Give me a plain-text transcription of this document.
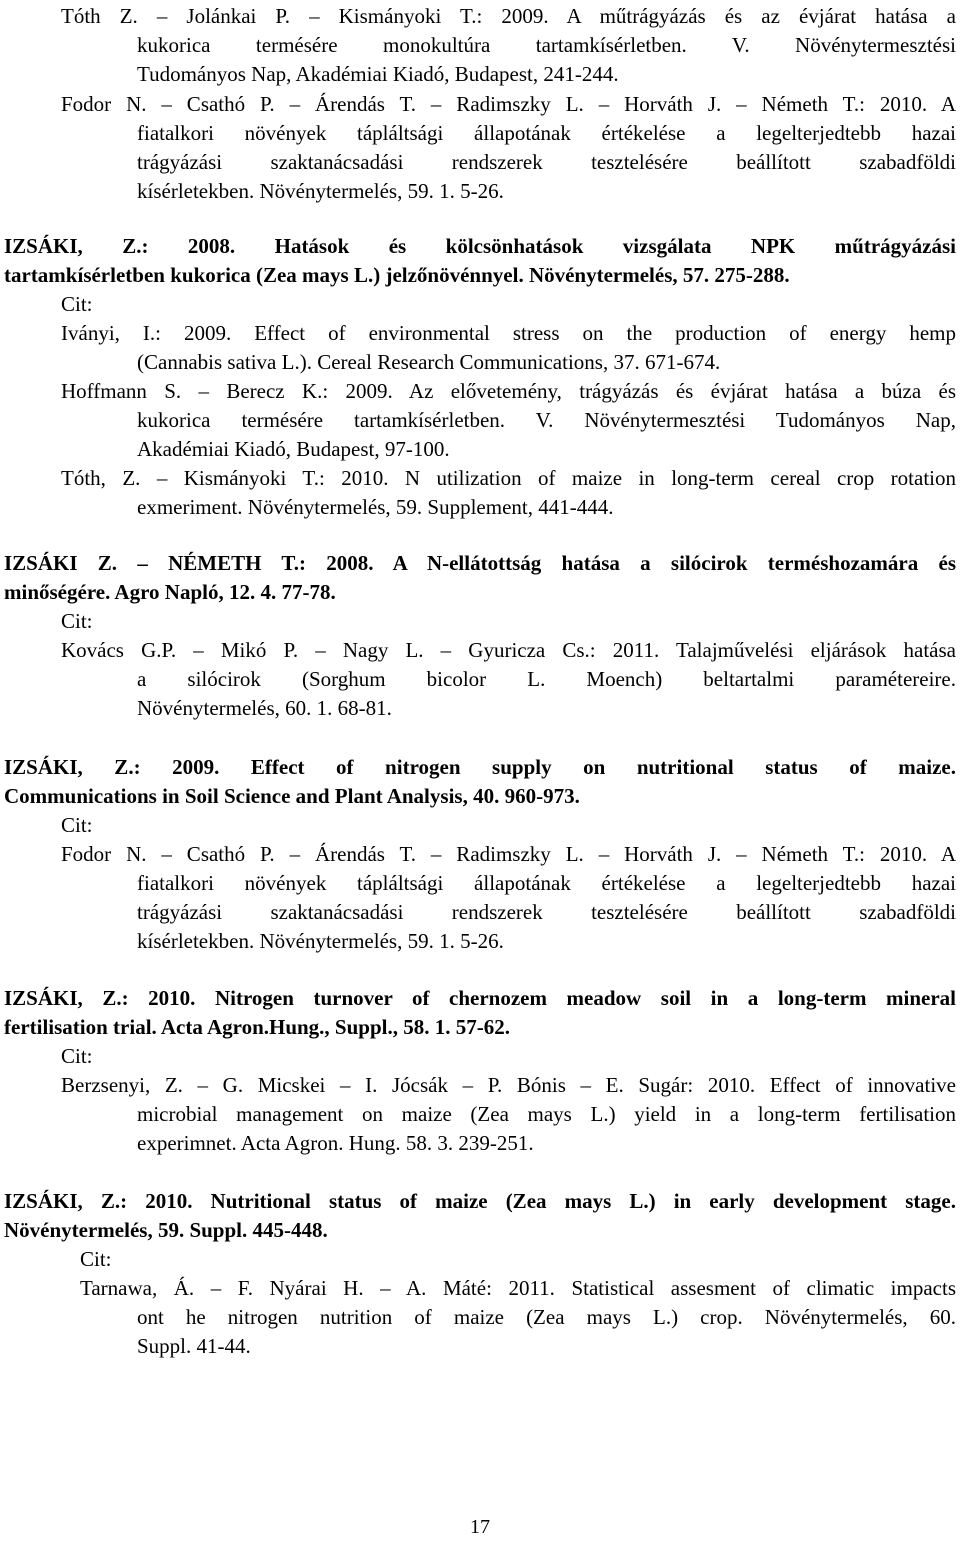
Tóth Z. – Jolánkai P. – Kismányoki T.: 2009. A műtrágyázás és az évjárat hatása a
kukorica termésére monokultúra tartamkísérletben. V. Növénytermesztési
Tudományos Nap, Akadémiai Kiadó, Budapest, 241-244.
Fodor N. – Csathó P. – Árendás T. – Radimszky L. – Horváth J. – Németh T.: 2010. A
fiatalkori növények tápláltsági állapotának értékelése a legelterjedtebb hazai
trágyázási szaktanácsadási rendszerek tesztelésére beállított szabadföldi
kísérletekben. Növénytermelés, 59. 1. 5-26.
IZSÁKI, Z.: 2008. Hatások és kölcsönhatások vizsgálata NPK műtrágyázási
tartamkísérletben kukorica (Zea mays L.) jelzőnövénnyel. Növénytermelés, 57. 275-288.
Cit:
Iványi, I.: 2009. Effect of environmental stress on the production of energy hemp
(Cannabis sativa L.). Cereal Research Communications, 37. 671-674.
Hoffmann S. – Berecz K.: 2009. Az elővetemény, trágyázás és évjárat hatása a búza és
kukorica termésére tartamkísérletben. V. Növénytermesztési Tudományos Nap,
Akadémiai Kiadó, Budapest, 97-100.
Tóth, Z. – Kismányoki T.: 2010. N utilization of maize in long-term cereal crop rotation
exmeriment. Növénytermelés, 59. Supplement, 441-444.
IZSÁKI Z. – NÉMETH T.: 2008. A N-ellátottság hatása a silócirok terméshozamára és
minőségére. Agro Napló, 12. 4. 77-78.
Cit:
Kovács G.P. – Mikó P. – Nagy L. – Gyuricza Cs.: 2011. Talajművelési eljárások hatása
a silócirok (Sorghum bicolor L. Moench) beltartalmi paramétereire.
Növénytermelés, 60. 1. 68-81.
IZSÁKI, Z.: 2009. Effect of nitrogen supply on nutritional status of maize.
Communications in Soil Science and Plant Analysis, 40. 960-973.
Cit:
Fodor N. – Csathó P. – Árendás T. – Radimszky L. – Horváth J. – Németh T.: 2010. A
fiatalkori növények tápláltsági állapotának értékelése a legelterjedtebb hazai
trágyázási szaktanácsadási rendszerek tesztelésére beállított szabadföldi
kísérletekben. Növénytermelés, 59. 1. 5-26.
IZSÁKI, Z.: 2010. Nitrogen turnover of chernozem meadow soil in a long-term mineral
fertilisation trial. Acta Agron.Hung., Suppl., 58. 1. 57-62.
Cit:
Berzsenyi, Z. – G. Micskei – I. Jócsák – P. Bónis – E. Sugár: 2010. Effect of innovative
microbial management on maize (Zea mays L.) yield in a long-term fertilisation
experimnet. Acta Agron. Hung. 58. 3. 239-251.
IZSÁKI, Z.: 2010. Nutritional status of maize (Zea mays L.) in early development stage.
Növénytermelés, 59. Suppl. 445-448.
Cit:
Tarnawa, Á. – F. Nyárai H. – A. Máté: 2011. Statistical assesment of climatic impacts
ont he nitrogen nutrition of maize (Zea mays L.) crop. Növénytermelés, 60.
Suppl. 41-44.
17
